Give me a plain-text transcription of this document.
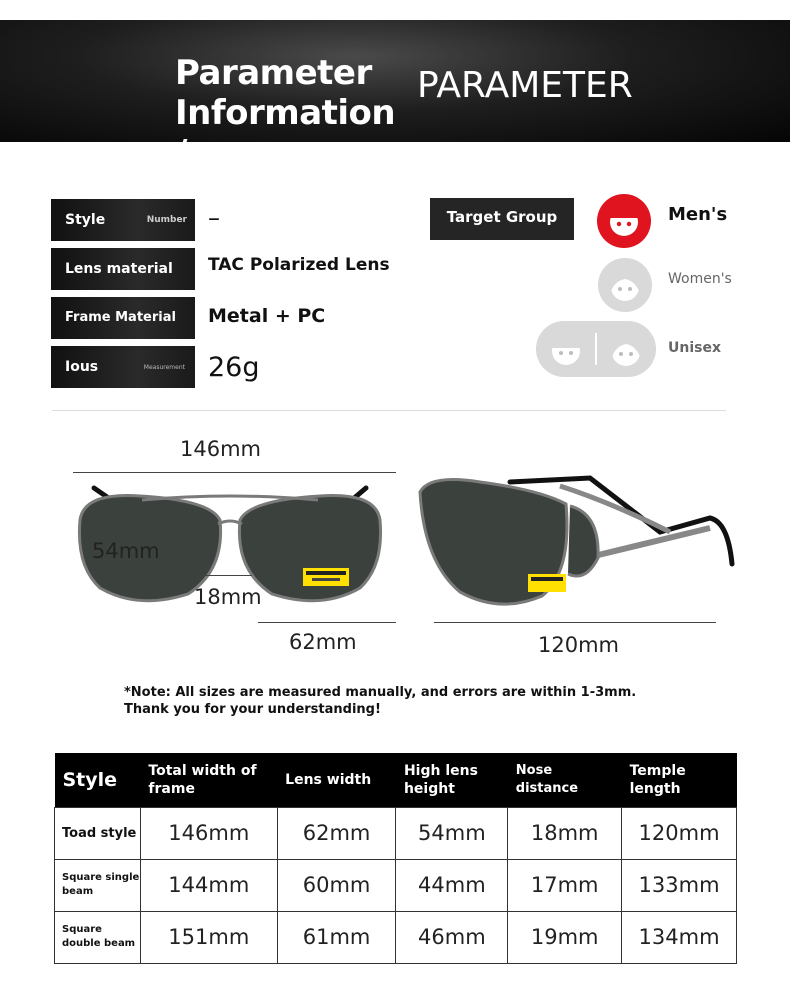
Parameter Information /
PARAMETER
Style	Number –
Lens material	TAC Polarized Lens
Frame Material	Metal + PC
Ious	Measurement 26g
Target Group	Men's
Women's
Unisex
146mm
54mm
18mm
62mm	120mm
*Note: All sizes are measured manually, and errors are within 1-3mm. Thank you for your understanding!
Style	Total width of frame	Lens width	High lens height	Nose distance	Temple length
Toad style	146mm	62mm	54mm	18mm	120mm
Square single beam	144mm	60mm	44mm	17mm	133mm
Square double beam	151mm	61mm	46mm	19mm	134mm
